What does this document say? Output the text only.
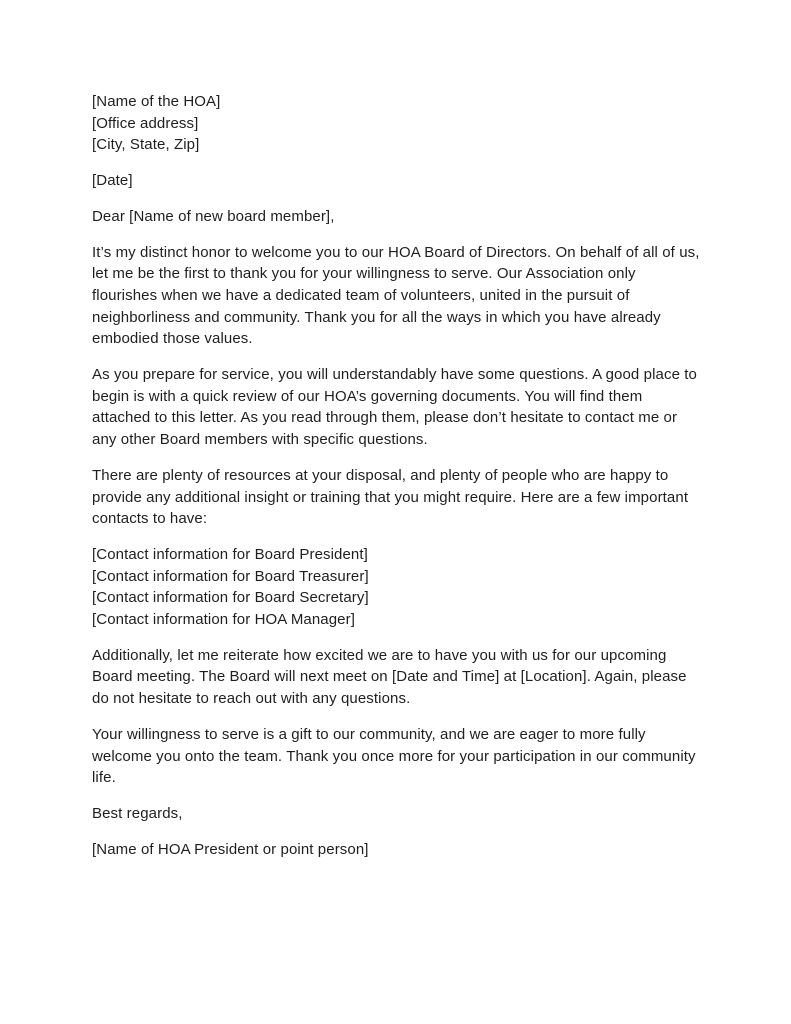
[Name of the HOA]
[Office address]
[City, State, Zip]

[Date]

Dear [Name of new board member],

It’s my distinct honor to welcome you to our HOA Board of Directors. On behalf of all of us, let me be the first to thank you for your willingness to serve. Our Association only flourishes when we have a dedicated team of volunteers, united in the pursuit of neighborliness and community. Thank you for all the ways in which you have already embodied those values.

As you prepare for service, you will understandably have some questions. A good place to begin is with a quick review of our HOA’s governing documents. You will find them attached to this letter. As you read through them, please don’t hesitate to contact me or any other Board members with specific questions.

There are plenty of resources at your disposal, and plenty of people who are happy to provide any additional insight or training that you might require. Here are a few important contacts to have:

[Contact information for Board President]
[Contact information for Board Treasurer]
[Contact information for Board Secretary]
[Contact information for HOA Manager]

Additionally, let me reiterate how excited we are to have you with us for our upcoming Board meeting. The Board will next meet on [Date and Time] at [Location]. Again, please do not hesitate to reach out with any questions.

Your willingness to serve is a gift to our community, and we are eager to more fully welcome you onto the team. Thank you once more for your participation in our community life.

Best regards,

[Name of HOA President or point person]
